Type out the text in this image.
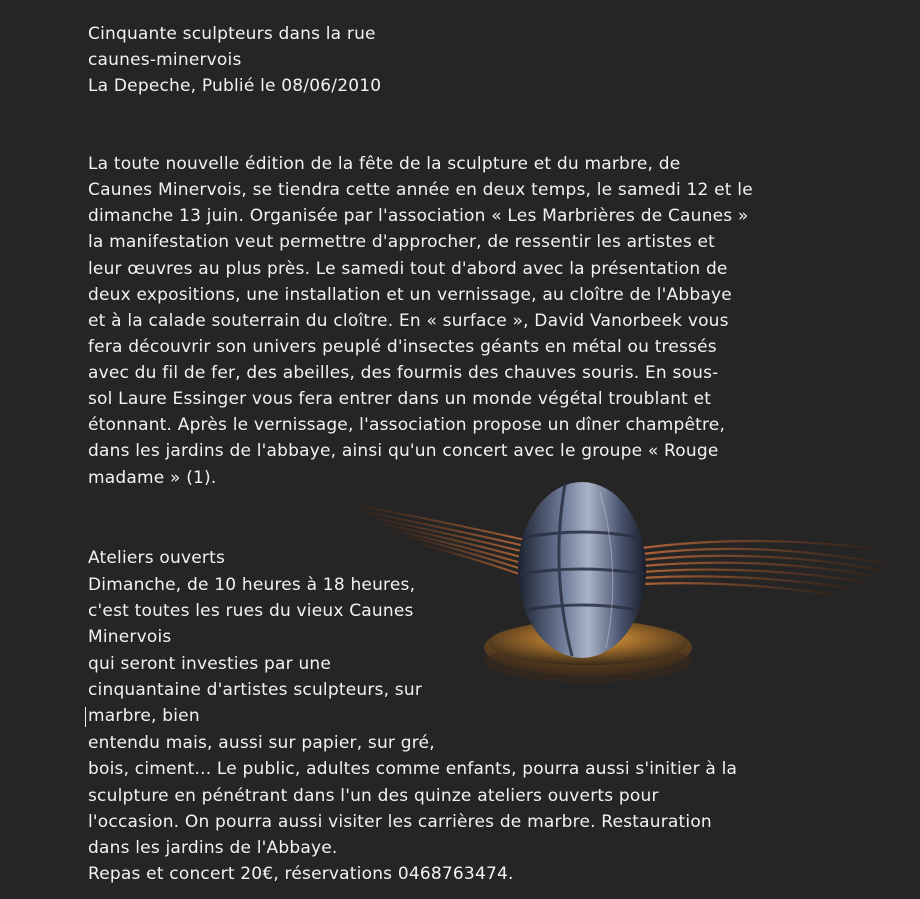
Cinquante sculpteurs dans la rue
caunes-minervois
La Depeche, Publié le 08/06/2010
La toute nouvelle édition de la fête de la sculpture et du marbre, de
Caunes Minervois, se tiendra cette année en deux temps, le samedi 12 et le
dimanche 13 juin. Organisée par l'association « Les Marbrières de Caunes »
la manifestation veut permettre d'approcher, de ressentir les artistes et
leur œuvres au plus près. Le samedi tout d'abord avec la présentation de
deux expositions, une installation et un vernissage, au cloître de l'Abbaye
et à la calade souterrain du cloître. En « surface », David Vanorbeek vous
fera découvrir son univers peuplé d'insectes géants en métal ou tressés
avec du fil de fer, des abeilles, des fourmis des chauves souris. En sous-
sol Laure Essinger vous fera entrer dans un monde végétal troublant et
étonnant. Après le vernissage, l'association propose un dîner champêtre,
dans les jardins de l'abbaye, ainsi qu'un concert avec le groupe « Rouge
madame » (1).
Ateliers ouverts
Dimanche, de 10 heures à 18 heures,
c'est toutes les rues du vieux Caunes
Minervois
qui seront investies par une
cinquantaine d'artistes sculpteurs, sur
marbre, bien
entendu mais, aussi sur papier, sur gré,
bois, ciment... Le public, adultes comme enfants, pourra aussi s'initier à la
sculpture en pénétrant dans l'un des quinze ateliers ouverts pour
l'occasion. On pourra aussi visiter les carrières de marbre. Restauration
dans les jardins de l'Abbaye.
Repas et concert 20€, réservations 0468763474.
